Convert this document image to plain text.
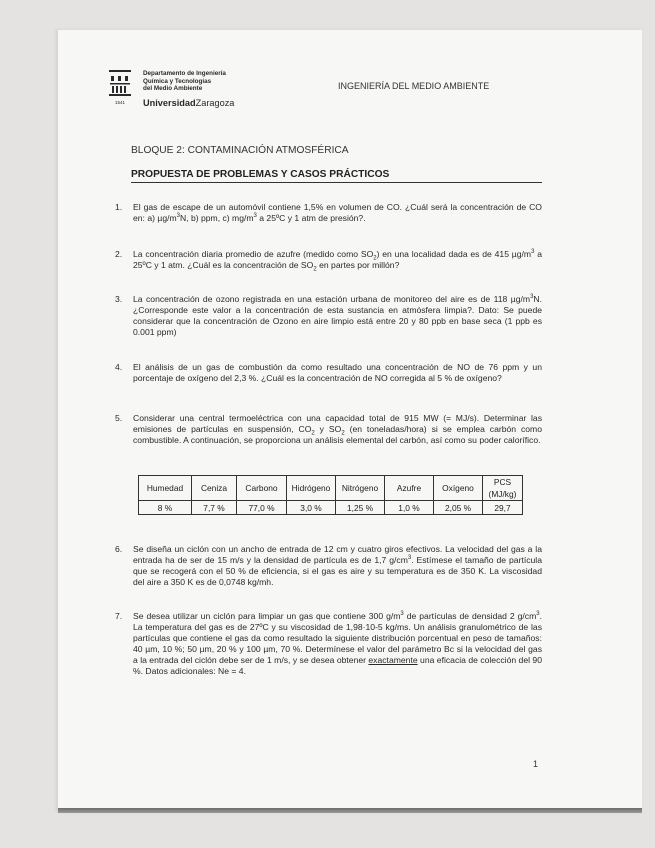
1541
Departamento de Ingeniería
Química y Tecnologías
del Medio Ambiente
UniversidadZaragoza
INGENIERÍA DEL MEDIO AMBIENTE
BLOQUE 2: CONTAMINACIÓN ATMOSFÉRICA
PROPUESTA DE PROBLEMAS Y CASOS PRÁCTICOS
1. El gas de escape de un automóvil contiene 1,5% en volumen de CO. ¿Cuál será la concentración de CO en: a) $\mu g/m^3N$, b) ppm, c) $mg/m^3$ a 25ºC y 1 atm de presión?.
2. La concentración diaria promedio de azufre (medido como $SO_2$) en una localidad dada es de 415 $\mu g/m^3$ a 25ºC y 1 atm. ¿Cuál es la concentración de $SO_2$ en partes por millón?
3. La concentración de ozono registrada en una estación urbana de monitoreo del aire es de 118 $\mu g/m^3N$. ¿Corresponde este valor a la concentración de esta sustancia en atmósfera limpia?. Dato: Se puede considerar que la concentración de Ozono en aire limpio está entre 20 y 80 ppb en base seca (1 ppb es 0.001 ppm)
4. El análisis de un gas de combustión da como resultado una concentración de NO de 76 ppm y un porcentaje de oxígeno del 2,3 %. ¿Cuál es la concentración de NO corregida al 5 % de oxígeno?
5. Considerar una central termoeléctrica con una capacidad total de 915 MW (= MJ/s). Determinar las emisiones de partículas en suspensión, $CO_2$ y $SO_2$ (en toneladas/hora) si se emplea carbón como combustible. A continuación, se proporciona un análisis elemental del carbón, así como su poder calorífico.
Humedad	Ceniza	Carbono	Hidrógeno	Nitrógeno	Azufre	Oxígeno	PCS
(MJ/kg)

8 %	7,7 %	77,0 %	3,0 %	1,25 %	1,0 %	2,05 %	29,7
6. Se diseña un ciclón con un ancho de entrada de 12 cm y cuatro giros efectivos. La velocidad del gas a la entrada ha de ser de 15 m/s y la densidad de partícula es de 1,7 $g/cm^3$. Estímese el tamaño de partícula que se recogerá con el 50 % de eficiencia, si el gas es aire y su temperatura es de 350 K. La viscosidad del aire a 350 K es de 0,0748 kg/mh.
7. Se desea utilizar un ciclón para limpiar un gas que contiene 300 $g/m^3$ de partículas de densidad 2 $g/cm^3$. La temperatura del gas es de 27ºC y su viscosidad de 1,98·10-5 kg/ms. Un análisis granulométrico de las partículas que contiene el gas da como resultado la siguiente distribución porcentual en peso de tamaños: 40 µm, 10 %; 50 µm, 20 % y 100 µm, 70 %. Determínese el valor del parámetro Bc si la velocidad del gas a la entrada del ciclón debe ser de 1 m/s, y se desea obtener exactamente una eficacia de colección del 90 %. Datos adicionales: Ne = 4.
1
